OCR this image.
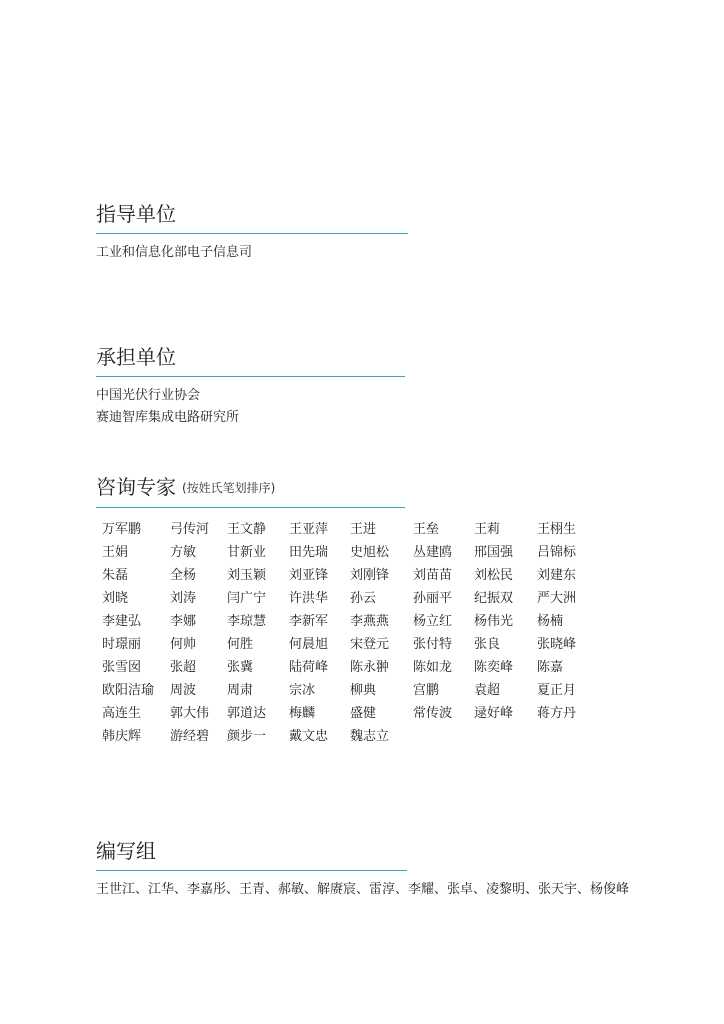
指导单位
工业和信息化部电子信息司
承担单位
中国光伏行业协会
赛迪智库集成电路研究所
咨询专家 (按姓氏笔划排序)
万军鹏	弓传河	王文静	王亚萍	王进	王垒	王莉	王栩生
王娟	方敏	甘新业	田先瑞	史旭松	丛建鸥	邢国强	吕锦标
朱磊	全杨	刘玉颖	刘亚锋	刘刚锋	刘苗苗	刘松民	刘建东
刘晓	刘涛	闫广宁	许洪华	孙云	孙丽平	纪振双	严大洲
李建弘	李娜	李琼慧	李新军	李燕燕	杨立红	杨伟光	杨楠
时璟丽	何帅	何胜	何晨旭	宋登元	张付特	张良	张晓峰
张雪囡	张超	张冀	陆荷峰	陈永翀	陈如龙	陈奕峰	陈嘉
欧阳洁瑜	周波	周肃	宗冰	柳典	宫鹏	袁超	夏正月
高连生	郭大伟	郭道达	梅麟	盛健	常传波	逯好峰	蒋方丹
韩庆辉	游经碧	颜步一	戴文忠	魏志立
编写组
王世江、江华、李嘉彤、王青、郝敏、解赓宸、雷淳、李耀、张卓、凌黎明、张天宇、杨俊峰
